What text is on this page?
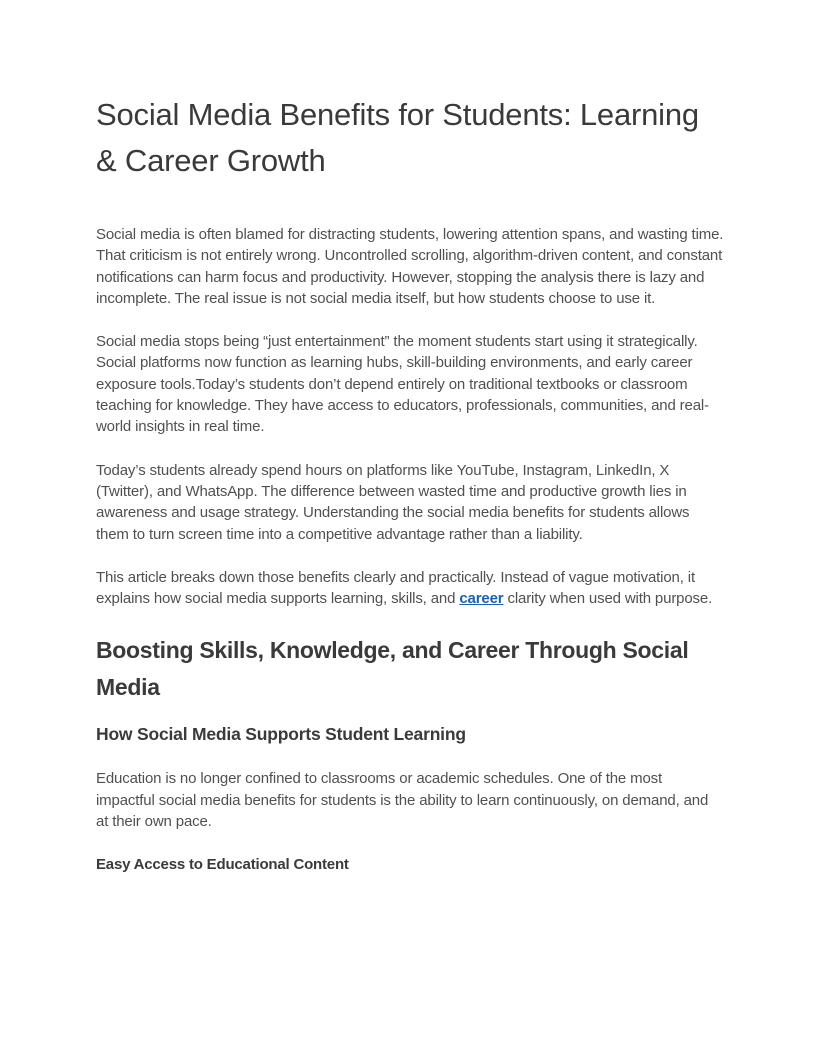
Social Media Benefits for Students: Learning & Career Growth

Social media is often blamed for distracting students, lowering attention spans, and wasting time. That criticism is not entirely wrong. Uncontrolled scrolling, algorithm-driven content, and constant notifications can harm focus and productivity. However, stopping the analysis there is lazy and incomplete. The real issue is not social media itself, but how students choose to use it.

Social media stops being “just entertainment” the moment students start using it strategically. Social platforms now function as learning hubs, skill-building environments, and early career exposure tools.Today’s students don’t depend entirely on traditional textbooks or classroom teaching for knowledge. They have access to educators, professionals, communities, and real-world insights in real time.

Today’s students already spend hours on platforms like YouTube, Instagram, LinkedIn, X (Twitter), and WhatsApp. The difference between wasted time and productive growth lies in awareness and usage strategy. Understanding the social media benefits for students allows them to turn screen time into a competitive advantage rather than a liability.

This article breaks down those benefits clearly and practically. Instead of vague motivation, it explains how social media supports learning, skills, and career clarity when used with purpose.

Boosting Skills, Knowledge, and Career Through Social Media
How Social Media Supports Student Learning

Education is no longer confined to classrooms or academic schedules. One of the most impactful social media benefits for students is the ability to learn continuously, on demand, and at their own pace.

Easy Access to Educational Content
